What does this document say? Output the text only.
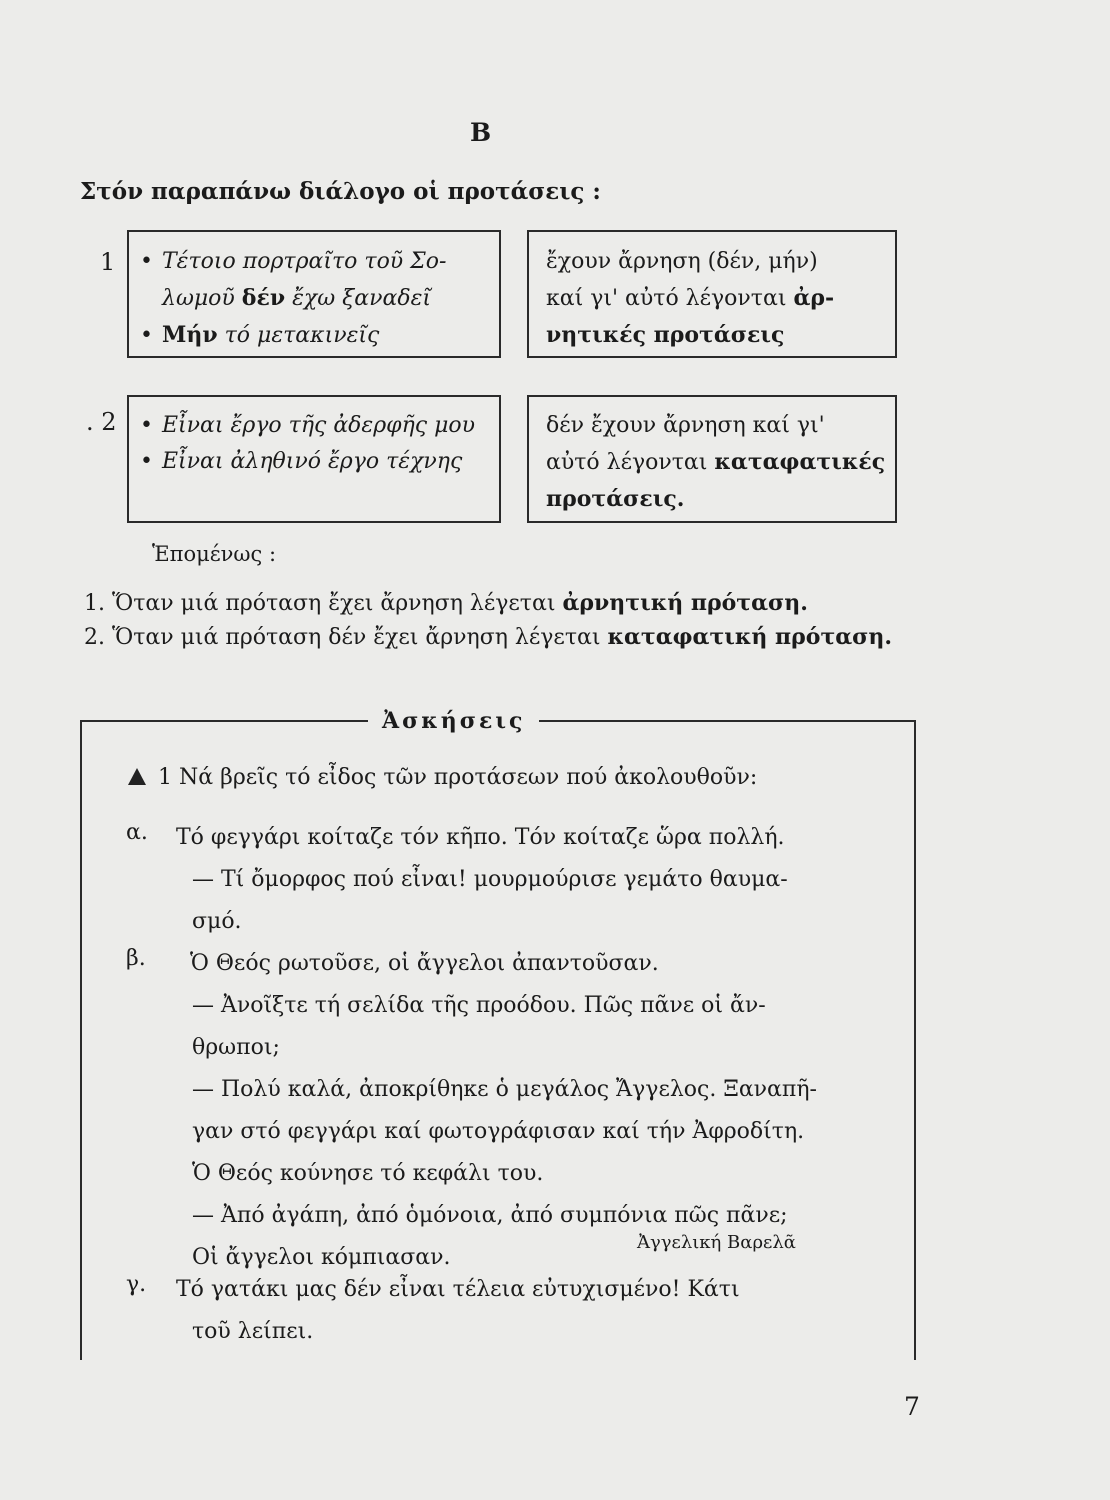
Β
Στόν παραπάνω διάλογο οἱ προτάσεις :
1 • Τέτοιο πορτραῖτο τοῦ Σο-
λωμοῦ δέν ἔχω ξαναδεῖ
• Μήν τό μετακινεῖς
ἔχουν ἄρνηση (δέν, μήν)
καί γι' αὐτό λέγονται ἀρ-
νητικές προτάσεις
. 2 • Εἶναι ἔργο τῆς ἀδερφῆς μου
• Εἶναι ἀληθινό ἔργο τέχνης
δέν ἔχουν ἄρνηση καί γι'
αὐτό λέγονται καταφατικές
προτάσεις.
Ἑπομένως :
1. Ὅταν μιά πρόταση ἔχει ἄρνηση λέγεται ἀρνητική πρόταση.
2. Ὅταν μιά πρόταση δέν ἔχει ἄρνηση λέγεται καταφατική πρόταση.
Ἀσκήσεις
1 Νά βρεῖς τό εἶδος τῶν προτάσεων πού ἀκολουθοῦν:
α. Τό φεγγάρι κοίταζε τόν κῆπο. Τόν κοίταζε ὥρα πολλή.
— Τί ὄμορφος πού εἶναι! μουρμούρισε γεμάτο θαυμα-
σμό.
β. Ὁ Θεός ρωτοῦσε, οἱ ἄγγελοι ἀπαντοῦσαν.
— Ἀνοῖξτε τή σελίδα τῆς προόδου. Πῶς πᾶνε οἱ ἄν-
θρωποι;
— Πολύ καλά, ἀποκρίθηκε ὁ μεγάλος Ἄγγελος. Ξαναπῆ-
γαν στό φεγγάρι καί φωτογράφισαν καί τήν Ἀφροδίτη.
Ὁ Θεός κούνησε τό κεφάλι του.
— Ἀπό ἀγάπη, ἀπό ὁμόνοια, ἀπό συμπόνια πῶς πᾶνε;
Οἱ ἄγγελοι κόμπιασαν.
Ἀγγελική Βαρελᾶ
γ. Τό γατάκι μας δέν εἶναι τέλεια εὐτυχισμένο! Κάτι
τοῦ λείπει.
7
